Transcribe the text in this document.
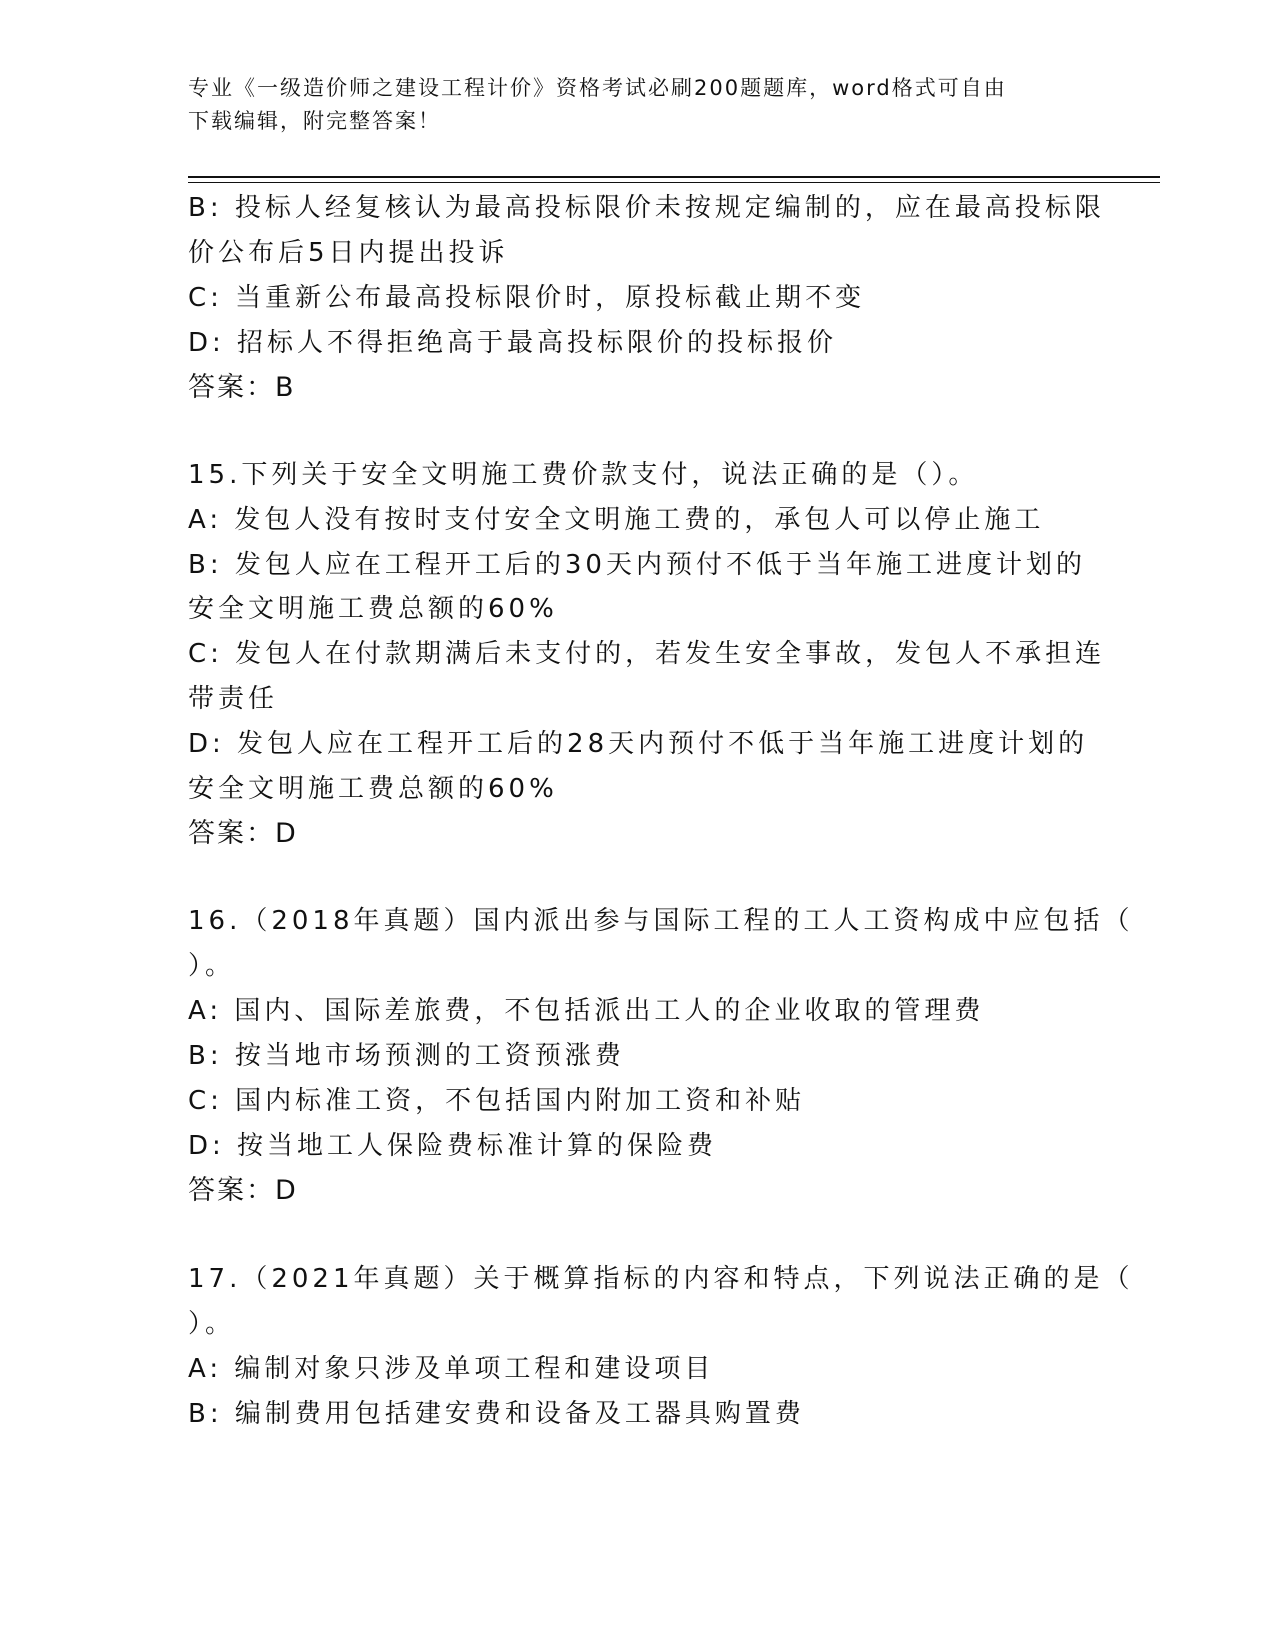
专业《一级造价师之建设工程计价》资格考试必刷200题题库，word格式可自由
下载编辑，附完整答案！
B: 投标人经复核认为最高投标限价未按规定编制的，应在最高投标限
价公布后5日内提出投诉
C: 当重新公布最高投标限价时，原投标截止期不变
D: 招标人不得拒绝高于最高投标限价的投标报价
答案：B
15.下列关于安全文明施工费价款支付，说法正确的是（）。
A: 发包人没有按时支付安全文明施工费的，承包人可以停止施工
B: 发包人应在工程开工后的30天内预付不低于当年施工进度计划的
安全文明施工费总额的60%
C: 发包人在付款期满后未支付的，若发生安全事故，发包人不承担连
带责任
D: 发包人应在工程开工后的28天内预付不低于当年施工进度计划的
安全文明施工费总额的60%
答案：D
16.（2018年真题）国内派出参与国际工程的工人工资构成中应包括（
）。
A: 国内、国际差旅费，不包括派出工人的企业收取的管理费
B: 按当地市场预测的工资预涨费
C: 国内标准工资，不包括国内附加工资和补贴
D: 按当地工人保险费标准计算的保险费
答案：D
17.（2021年真题）关于概算指标的内容和特点，下列说法正确的是（
）。
A: 编制对象只涉及单项工程和建设项目
B: 编制费用包括建安费和设备及工器具购置费
